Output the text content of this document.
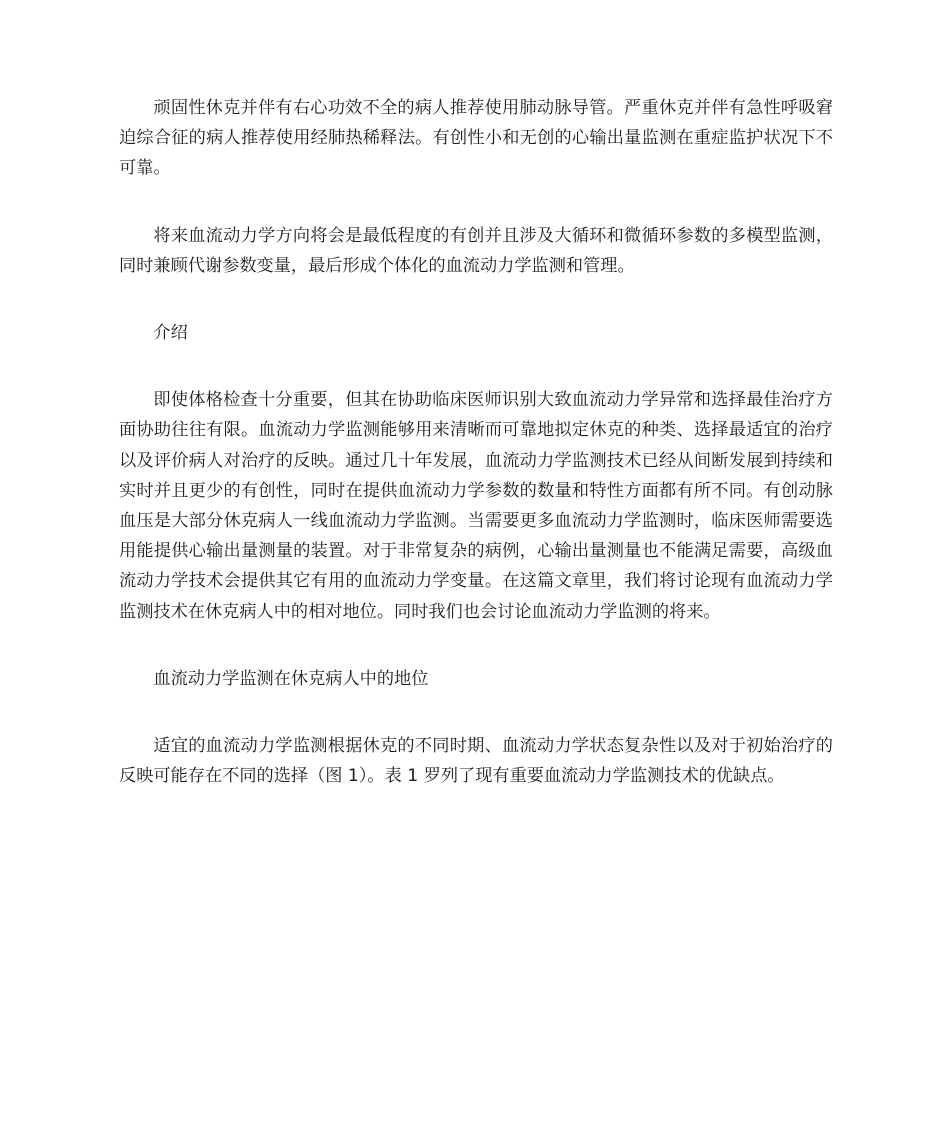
顽固性休克并伴有右心功效不全的病人推荐使用肺动脉导管。严重休克并伴有急性呼吸窘迫综合征的病人推荐使用经肺热稀释法。有创性小和无创的心输出量监测在重症监护状况下不可靠。

将来血流动力学方向将会是最低程度的有创并且涉及大循环和微循环参数的多模型监测，同时兼顾代谢参数变量，最后形成个体化的血流动力学监测和管理。

介绍

即使体格检查十分重要，但其在协助临床医师识别大致血流动力学异常和选择最佳治疗方面协助往往有限。血流动力学监测能够用来清晰而可靠地拟定休克的种类、选择最适宜的治疗以及评价病人对治疗的反映。通过几十年发展，血流动力学监测技术已经从间断发展到持续和实时并且更少的有创性，同时在提供血流动力学参数的数量和特性方面都有所不同。有创动脉血压是大部分休克病人一线血流动力学监测。当需要更多血流动力学监测时，临床医师需要选用能提供心输出量测量的装置。对于非常复杂的病例，心输出量测量也不能满足需要，高级血流动力学技术会提供其它有用的血流动力学变量。在这篇文章里，我们将讨论现有血流动力学监测技术在休克病人中的相对地位。同时我们也会讨论血流动力学监测的将来。

血流动力学监测在休克病人中的地位

适宜的血流动力学监测根据休克的不同时期、血流动力学状态复杂性以及对于初始治疗的反映可能存在不同的选择（图 1）。表 1 罗列了现有重要血流动力学监测技术的优缺点。
